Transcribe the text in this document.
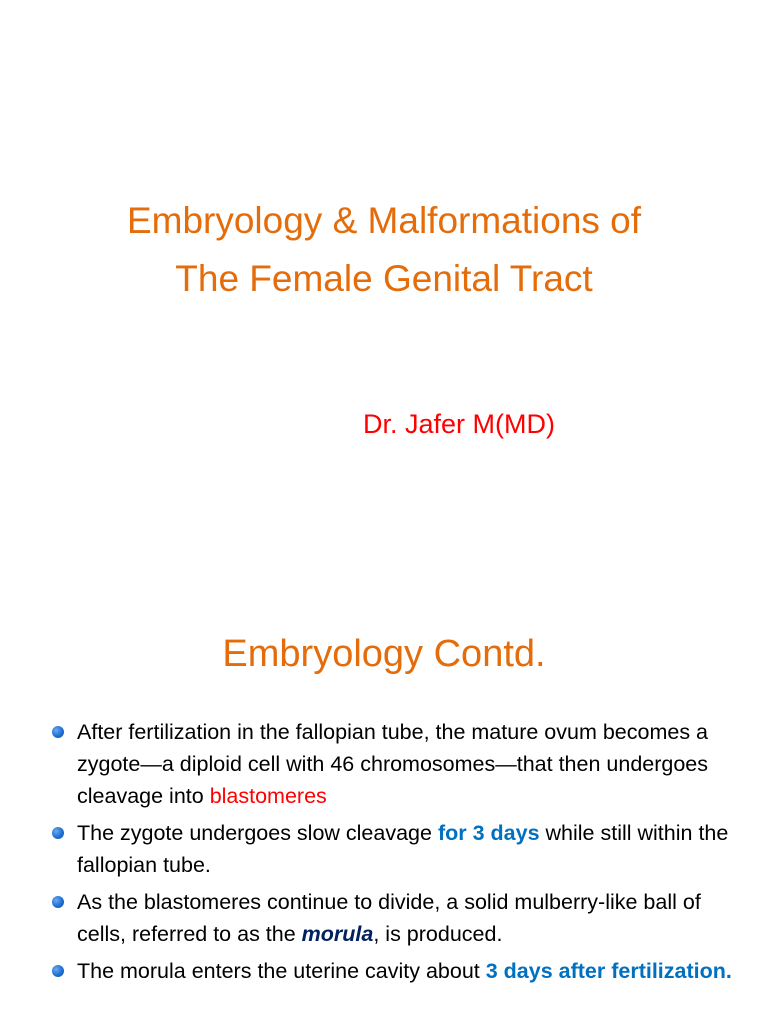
Embryology & Malformations of
The Female Genital Tract
Dr. Jafer M(MD)
Embryology Contd.
After fertilization in the fallopian tube, the mature ovum becomes a zygote—a diploid cell with 46 chromosomes—that then undergoes cleavage into blastomeres
The zygote undergoes slow cleavage for 3 days while still within the fallopian tube.
As the blastomeres continue to divide, a solid mulberry-like ball of cells, referred to as the morula, is produced.
The morula enters the uterine cavity about 3 days after fertilization.
